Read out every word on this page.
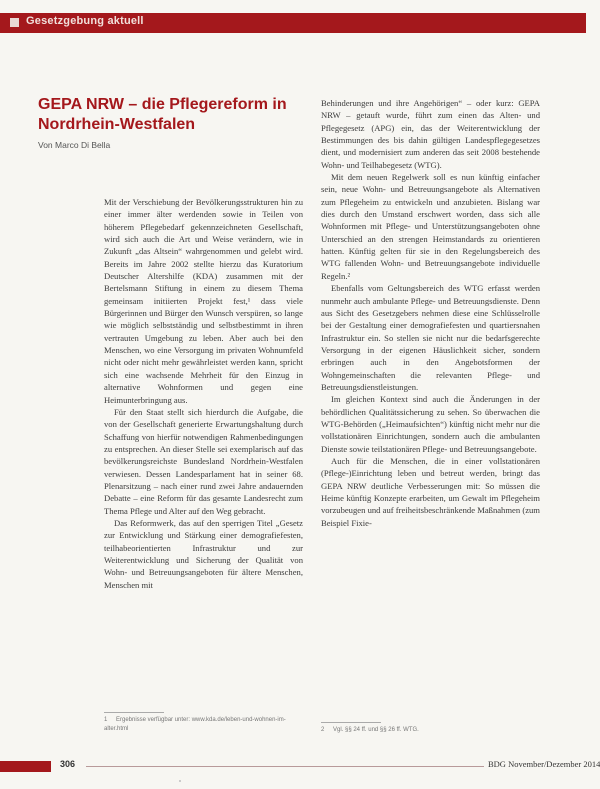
Gesetzgebung aktuell
GEPA NRW – die Pflegereform in Nordrhein-Westfalen
Von Marco Di Bella

Mit der Verschiebung der Bevölkerungsstrukturen hin zu einer immer älter werdenden sowie in Teilen von höherem Pflegebedarf gekennzeichneten Gesellschaft, wird sich auch die Art und Weise verändern, wie in Zukunft „das Altsein“ wahrgenommen und gelebt wird. Bereits im Jahre 2002 stellte hierzu das Kuratorium Deutscher Altershilfe (KDA) zusammen mit der Bertelsmann Stiftung in einem zu diesem Thema gemeinsam initiierten Projekt fest,¹ dass viele Bürgerinnen und Bürger den Wunsch verspüren, so lange wie möglich selbstständig und selbstbestimmt in ihren vertrauten Umgebung zu leben. Aber auch bei den Menschen, wo eine Versorgung im privaten Wohnumfeld nicht oder nicht mehr gewährleistet werden kann, spricht sich eine wachsende Mehrheit für den Einzug in alternative Wohnformen und gegen eine Heimunterbringung aus.

Für den Staat stellt sich hierdurch die Aufgabe, die von der Gesellschaft generierte Erwartungshaltung durch Schaffung von hierfür notwendigen Rahmenbedingungen zu entsprechen. An dieser Stelle sei exemplarisch auf das bevölkerungsreichste Bundesland Nordrhein-Westfalen verwiesen. Dessen Landesparlament hat in seiner 68. Plenarsitzung – nach einer rund zwei Jahre andauernden Debatte – eine Reform für das gesamte Landesrecht zum Thema Pflege und Alter auf den Weg gebracht.

Das Reformwerk, das auf den sperrigen Titel „Gesetz zur Entwicklung und Stärkung einer demografiefesten, teilhabeorientierten Infrastruktur und zur Weiterentwicklung und Sicherung der Qualität von Wohn- und Betreuungsangeboten für ältere Menschen, Menschen mit

Behinderungen und ihre Angehörigen“ – oder kurz: GEPA NRW – getauft wurde, führt zum einen das Alten- und Pflegegesetz (APG) ein, das der Weiterentwicklung der Bestimmungen des bis dahin gültigen Landespflegegesetzes dient, und modernisiert zum anderen das seit 2008 bestehende Wohn- und Teilhabegesetz (WTG).

Mit dem neuen Regelwerk soll es nun künftig einfacher sein, neue Wohn- und Betreuungsangebote als Alternativen zum Pflegeheim zu entwickeln und anzubieten. Bislang war dies durch den Umstand erschwert worden, dass sich alle Wohnformen mit Pflege- und Unterstützungsangeboten ohne Unterschied an den strengen Heimstandards zu orientieren hatten. Künftig gelten für sie in den Regelungsbereich des WTG fallenden Wohn- und Betreuungsangebote individuelle Regeln.²

Ebenfalls vom Geltungsbereich des WTG erfasst werden nunmehr auch ambulante Pflege- und Betreuungsdienste. Denn aus Sicht des Gesetzgebers nehmen diese eine Schlüsselrolle bei der Gestaltung einer demografiefesten und quartiersnahen Infrastruktur ein. So stellen sie nicht nur die bedarfsgerechte Versorgung in der eigenen Häuslichkeit sicher, sondern erbringen auch in den Angebotsformen der Wohngemeinschaften die relevanten Pflege- und Betreuungsdienstleistungen.

Im gleichen Kontext sind auch die Änderungen in der behördlichen Qualitätssicherung zu sehen. So überwachen die WTG-Behörden („Heimaufsichten“) künftig nicht mehr nur die vollstationären Einrichtungen, sondern auch die ambulanten Dienste sowie teilstationären Pflege- und Betreuungsangebote.

Auch für die Menschen, die in einer vollstationären (Pflege-)Einrichtung leben und betreut werden, bringt das GEPA NRW deutliche Verbesserungen mit: So müssen die Heime künftig Konzepte erarbeiten, um Gewalt im Pflegeheim vorzubeugen und auf freiheitsbeschränkende Maßnahmen (zum Beispiel Fixie-

1 Ergebnisse verfügbar unter: www.kda.de/leben-und-wohnen-im-alter.html	2 Vgl. §§ 24 ff. und §§ 26 ff. WTG.
306	BDG November/Dezember 2014
